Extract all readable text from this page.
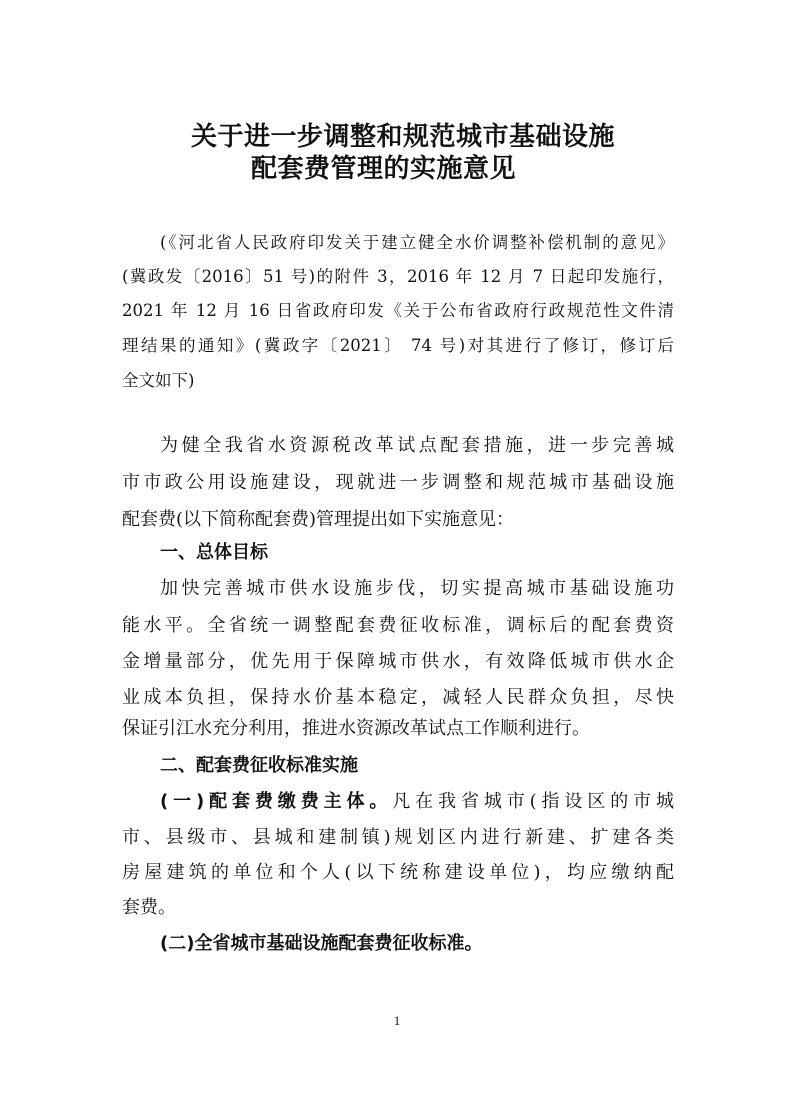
关于进一步调整和规范城市基础设施
配套费管理的实施意见
(《河北省人民政府印发关于建立健全水价调整补偿机制的意见》
(冀政发〔2016〕51 号)的附件 3，2016 年 12 月 7 日起印发施行，
2021 年 12 月 16 日省政府印发《关于公布省政府行政规范性文件清
理结果的通知》(冀政字〔2021〕 74 号)对其进行了修订，修订后
全文如下)
为健全我省水资源税改革试点配套措施，进一步完善城
市市政公用设施建设，现就进一步调整和规范城市基础设施
配套费(以下简称配套费)管理提出如下实施意见：
一、总体目标
加快完善城市供水设施步伐，切实提高城市基础设施功
能水平。全省统一调整配套费征收标准，调标后的配套费资
金增量部分，优先用于保障城市供水，有效降低城市供水企
业成本负担，保持水价基本稳定，减轻人民群众负担，尽快
保证引江水充分利用，推进水资源改革试点工作顺利进行。
二、配套费征收标准实施
(一)配套费缴费主体。凡在我省城市(指设区的市城
市、县级市、县城和建制镇)规划区内进行新建、扩建各类
房屋建筑的单位和个人(以下统称建设单位)，均应缴纳配
套费。
(二)全省城市基础设施配套费征收标准。
1
